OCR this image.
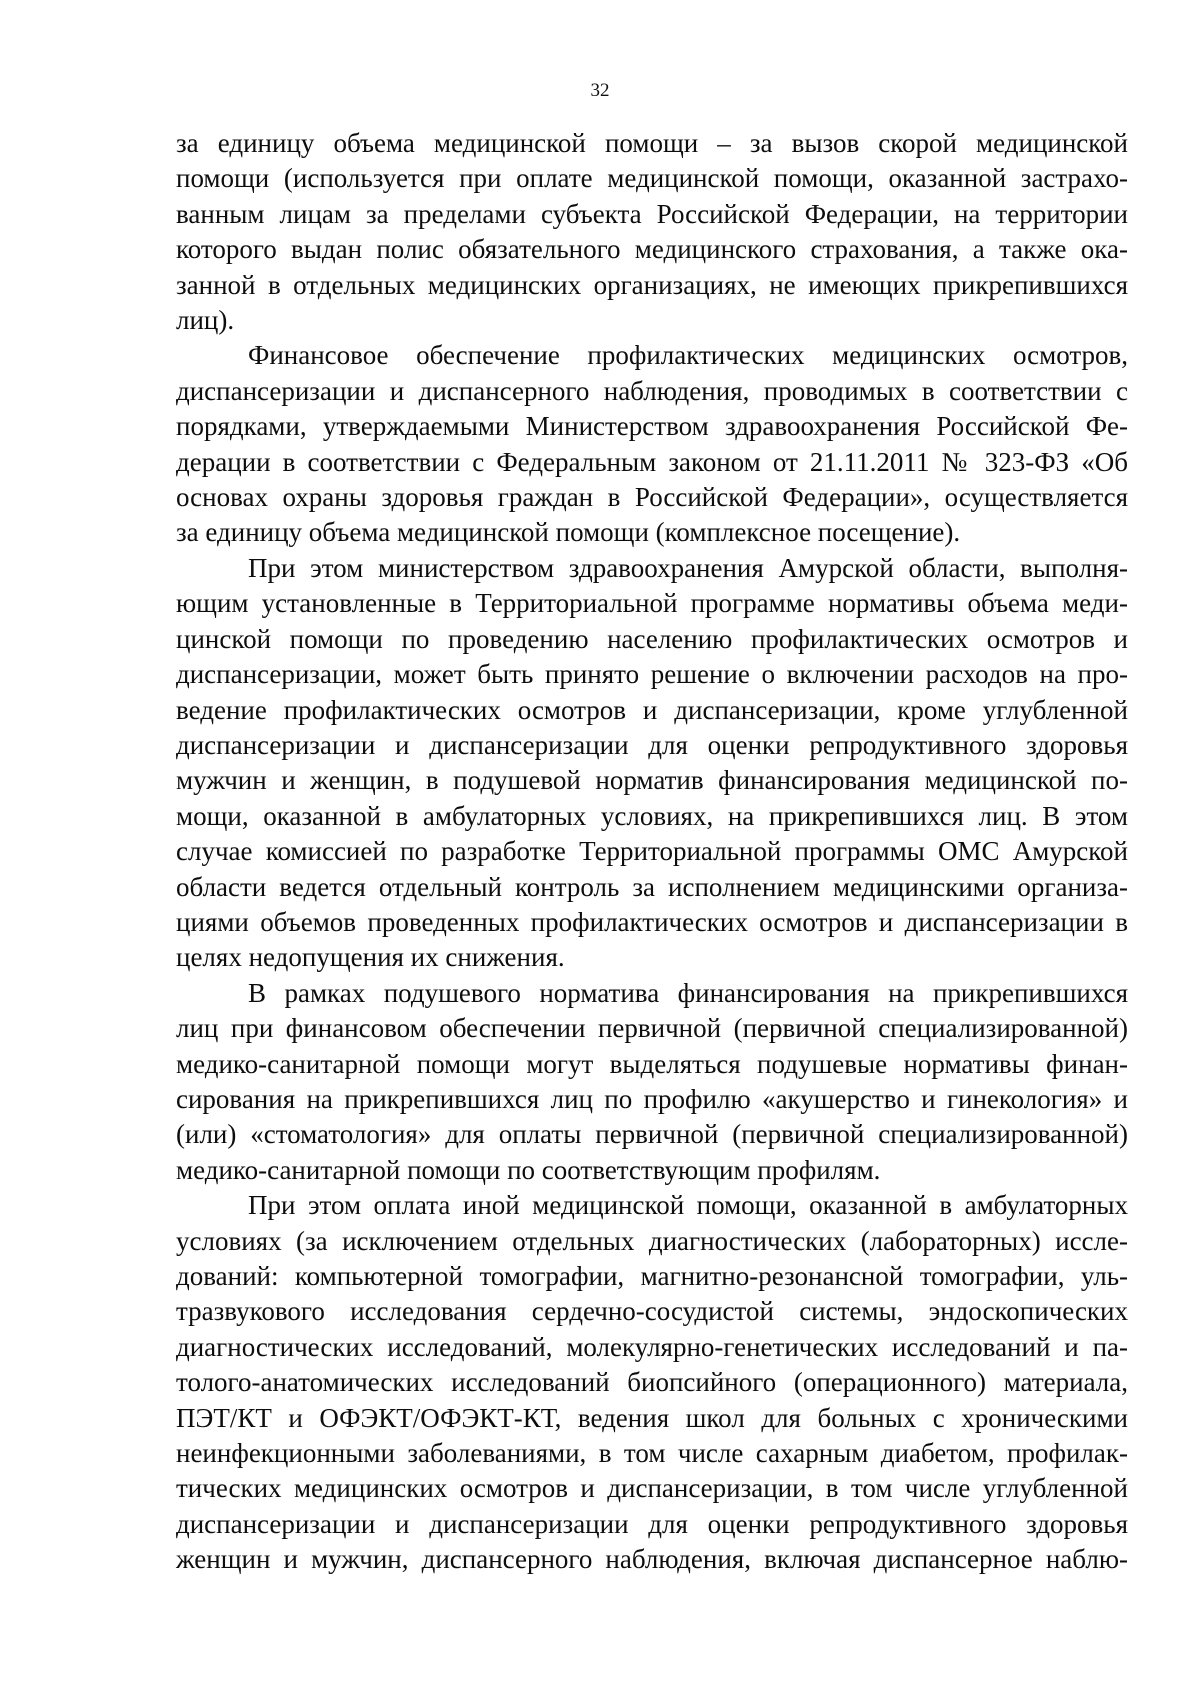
32
за единицу объема медицинской помощи – за вызов скорой медицинской
помощи (используется при оплате медицинской помощи, оказанной застрахо-
ванным лицам за пределами субъекта Российской Федерации, на территории
которого выдан полис обязательного медицинского страхования, а также ока-
занной в отдельных медицинских организациях, не имеющих прикрепившихся
лиц).
Финансовое обеспечение профилактических медицинских осмотров,
диспансеризации и диспансерного наблюдения, проводимых в соответствии с
порядками, утверждаемыми Министерством здравоохранения Российской Фе-
дерации в соответствии с Федеральным законом от 21.11.2011 № 323-ФЗ «Об
основах охраны здоровья граждан в Российской Федерации», осуществляется
за единицу объема медицинской помощи (комплексное посещение).
При этом министерством здравоохранения Амурской области, выполня-
ющим установленные в Территориальной программе нормативы объема меди-
цинской помощи по проведению населению профилактических осмотров и
диспансеризации, может быть принято решение о включении расходов на про-
ведение профилактических осмотров и диспансеризации, кроме углубленной
диспансеризации и диспансеризации для оценки репродуктивного здоровья
мужчин и женщин, в подушевой норматив финансирования медицинской по-
мощи, оказанной в амбулаторных условиях, на прикрепившихся лиц. В этом
случае комиссией по разработке Территориальной программы ОМС Амурской
области ведется отдельный контроль за исполнением медицинскими организа-
циями объемов проведенных профилактических осмотров и диспансеризации в
целях недопущения их снижения.
В рамках подушевого норматива финансирования на прикрепившихся
лиц при финансовом обеспечении первичной (первичной специализированной)
медико-санитарной помощи могут выделяться подушевые нормативы финан-
сирования на прикрепившихся лиц по профилю «акушерство и гинекология» и
(или) «стоматология» для оплаты первичной (первичной специализированной)
медико-санитарной помощи по соответствующим профилям.
При этом оплата иной медицинской помощи, оказанной в амбулаторных
условиях (за исключением отдельных диагностических (лабораторных) иссле-
дований: компьютерной томографии, магнитно-резонансной томографии, уль-
тразвукового исследования сердечно-сосудистой системы, эндоскопических
диагностических исследований, молекулярно-генетических исследований и па-
толого-анатомических исследований биопсийного (операционного) материала,
ПЭТ/КТ и ОФЭКТ/ОФЭКТ-КТ, ведения школ для больных с хроническими
неинфекционными заболеваниями, в том числе сахарным диабетом, профилак-
тических медицинских осмотров и диспансеризации, в том числе углубленной
диспансеризации и диспансеризации для оценки репродуктивного здоровья
женщин и мужчин, диспансерного наблюдения, включая диспансерное наблю-
